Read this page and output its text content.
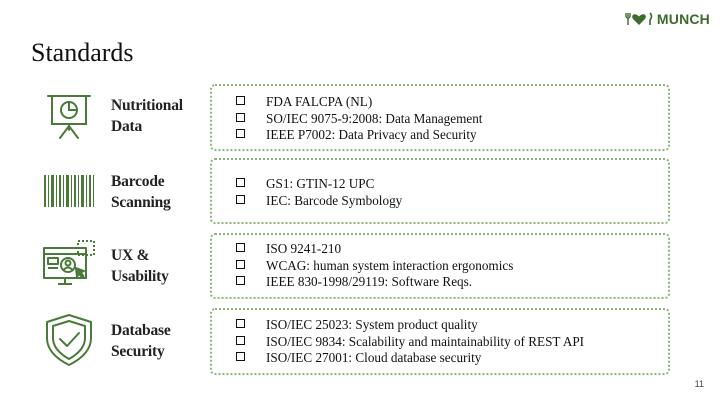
MUNCH
Standards
Nutritional
Data
FDA FALCPA (NL)
SO/IEC 9075-9:2008: Data Management
IEEE P7002: Data Privacy and Security
Barcode
Scanning
GS1: GTIN-12 UPC
IEC: Barcode Symbology
UX &
Usability
ISO 9241-210
WCAG: human system interaction ergonomics
IEEE 830-1998/29119: Software Reqs.
Database
Security
ISO/IEC 25023: System product quality
ISO/IEC 9834: Scalability and maintainability of REST API
ISO/IEC 27001: Cloud database security
11
